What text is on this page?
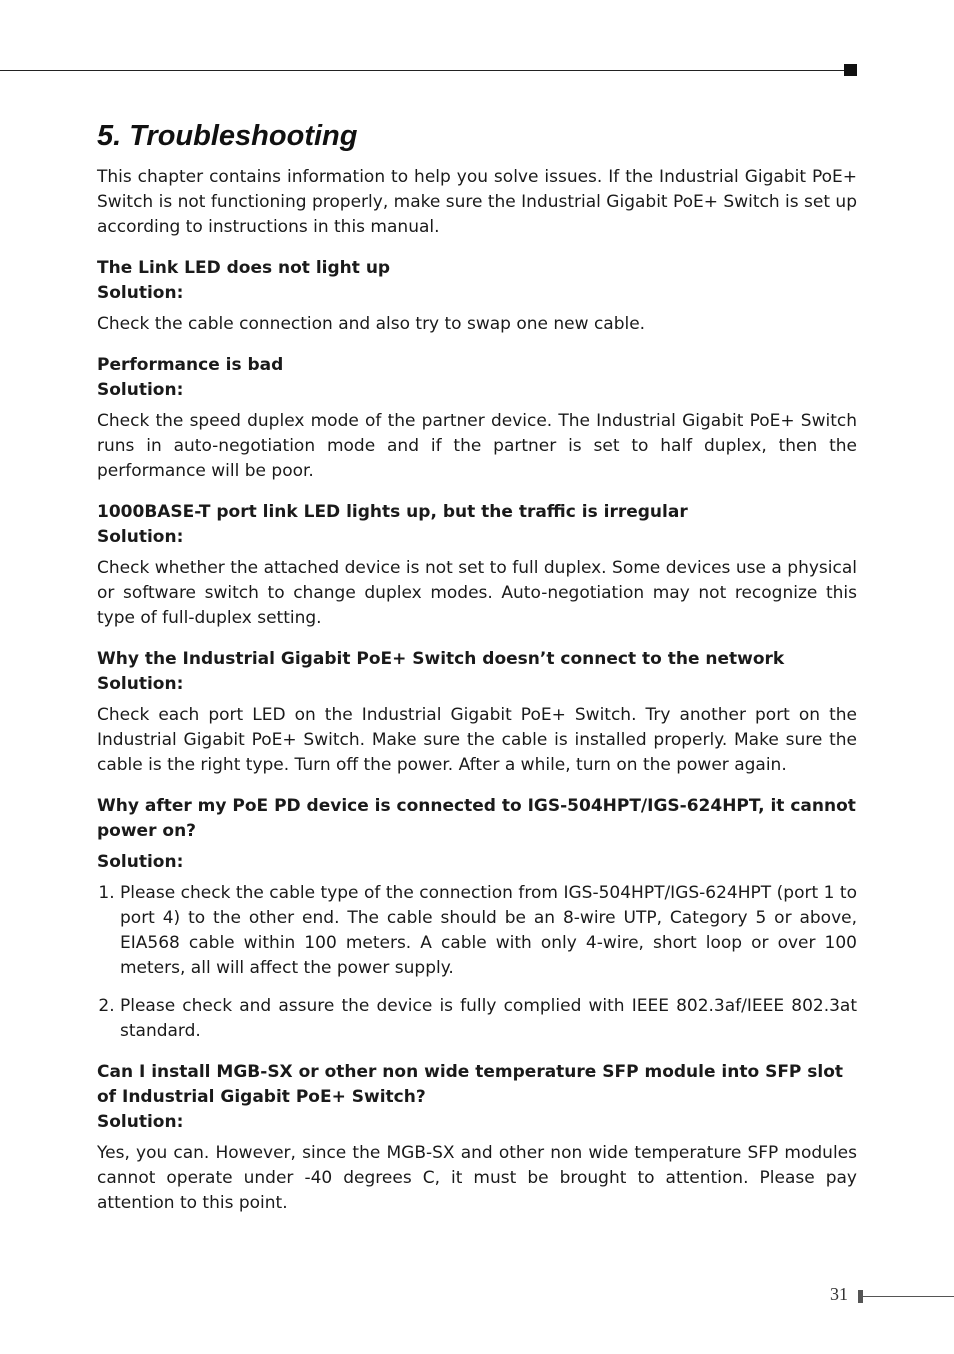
5. Troubleshooting

This chapter contains information to help you solve issues. If the Industrial Gigabit PoE+ Switch is not functioning properly, make sure the Industrial Gigabit PoE+ Switch is set up according to instructions in this manual.

The Link LED does not light up
Solution:

Check the cable connection and also try to swap one new cable.

Performance is bad
Solution:

Check the speed duplex mode of the partner device. The Industrial Gigabit PoE+ Switch runs in auto-negotiation mode and if the partner is set to half duplex, then the performance will be poor.

1000BASE-T port link LED lights up, but the traffic is irregular
Solution:

Check whether the attached device is not set to full duplex. Some devices use a physical or software switch to change duplex modes. Auto-negotiation may not recognize this type of full-duplex setting.

Why the Industrial Gigabit PoE+ Switch doesn’t connect to the network
Solution:

Check each port LED on the Industrial Gigabit PoE+ Switch. Try another port on the Industrial Gigabit PoE+ Switch. Make sure the cable is installed properly. Make sure the cable is the right type. Turn off the power. After a while, turn on the power again.

Why after my PoE PD device is connected to IGS-504HPT/IGS-624HPT, it cannot power on?
Solution:
1. Please check the cable type of the connection from IGS-504HPT/IGS-624HPT (port 1 to port 4) to the other end. The cable should be an 8-wire UTP, Category 5 or above, EIA568 cable within 100 meters. A cable with only 4-wire, short loop or over 100 meters, all will affect the power supply.
2. Please check and assure the device is fully complied with IEEE 802.3af/IEEE 802.3at standard.
Can I install MGB-SX or other non wide temperature SFP module into SFP slot of Industrial Gigabit PoE+ Switch?
Solution:

Yes, you can. However, since the MGB-SX and other non wide temperature SFP modules cannot operate under -40 degrees C, it must be brought to attention. Please pay attention to this point.

31
